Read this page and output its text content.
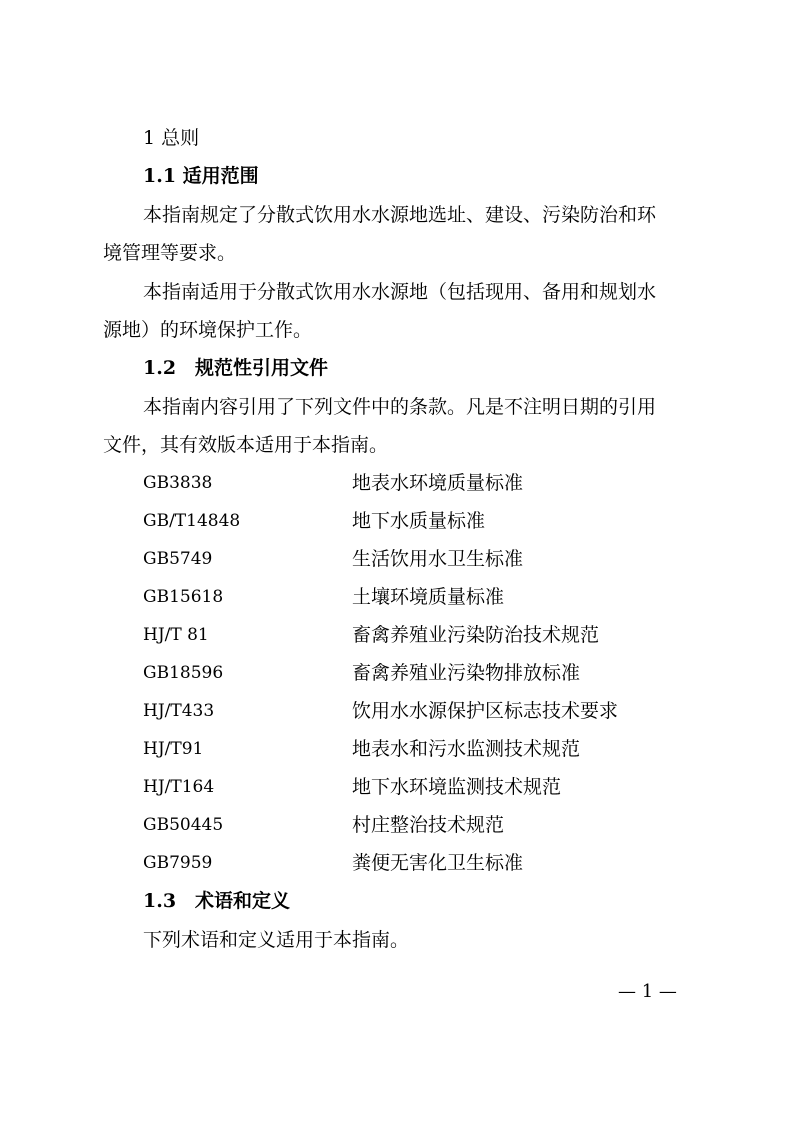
1 总则
1.1 适用范围
本指南规定了分散式饮用水水源地选址、建设、污染防治和环
境管理等要求。
本指南适用于分散式饮用水水源地（包括现用、备用和规划水
源地）的环境保护工作。
1.2　规范性引用文件
本指南内容引用了下列文件中的条款。凡是不注明日期的引用
文件，其有效版本适用于本指南。
GB3838	地表水环境质量标准
GB/T14848	地下水质量标准
GB5749	生活饮用水卫生标准
GB15618	土壤环境质量标准
HJ/T 81	畜禽养殖业污染防治技术规范
GB18596	畜禽养殖业污染物排放标准
HJ/T433	饮用水水源保护区标志技术要求
HJ/T91	地表水和污水监测技术规范
HJ/T164	地下水环境监测技术规范
GB50445	村庄整治技术规范
GB7959	粪便无害化卫生标准
1.3　术语和定义
下列术语和定义适用于本指南。
— 1 —
